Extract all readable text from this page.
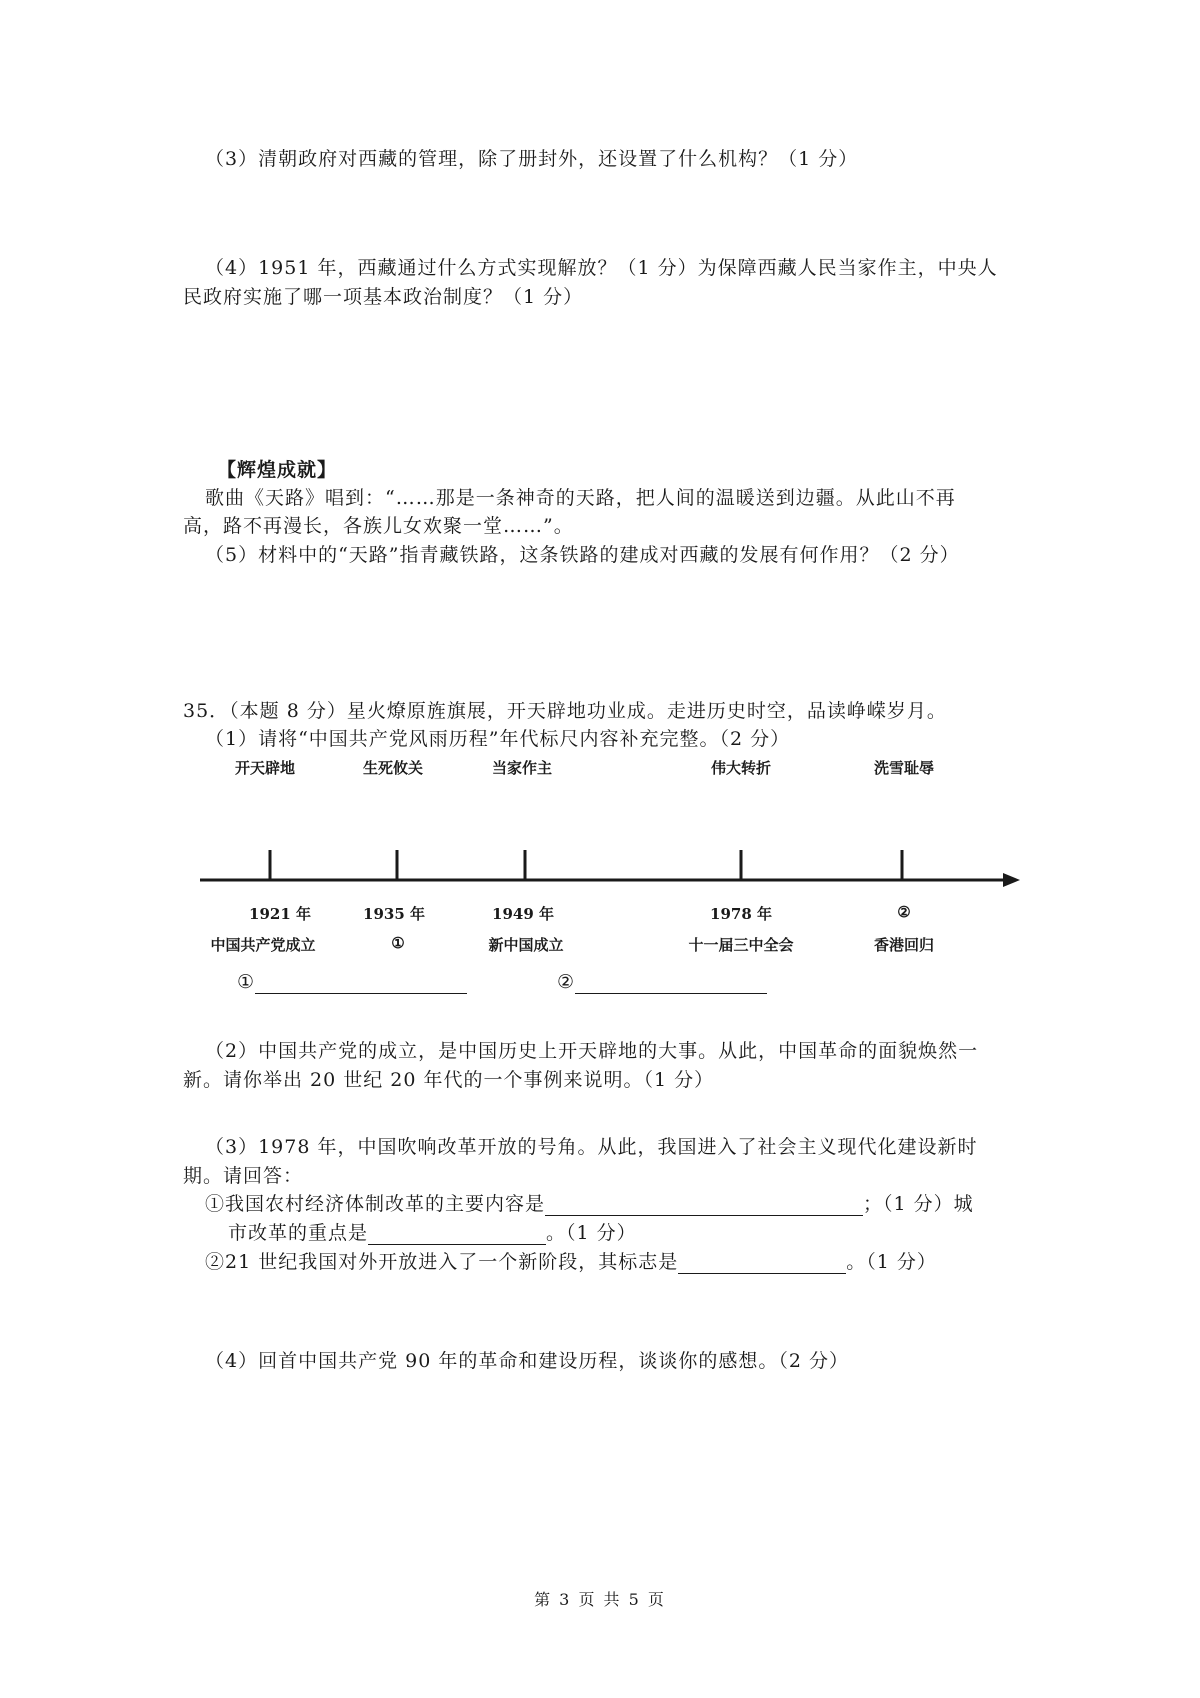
（3）清朝政府对西藏的管理，除了册封外，还设置了什么机构？（1 分）
（4）1951 年，西藏通过什么方式实现解放？（1 分）为保障西藏人民当家作主，中央人
民政府实施了哪一项基本政治制度？（1 分）
【辉煌成就】
歌曲《天路》唱到：“……那是一条神奇的天路，把人间的温暖送到边疆。从此山不再
高，路不再漫长，各族儿女欢聚一堂……”。
（5）材料中的“天路”指青藏铁路，这条铁路的建成对西藏的发展有何作用？（2 分）
35．（本题 8 分）星火燎原旌旗展，开天辟地功业成。走进历史时空，品读峥嵘岁月。
（1）请将“中国共产党风雨历程”年代标尺内容补充完整。（2 分）
开天辟地	生死攸关	当家作主	伟大转折	洗雪耻辱
1921 年	1935 年	1949 年	1978 年	②
中国共产党成立	①	新中国成立	十一届三中全会	香港回归
①	②
（2）中国共产党的成立，是中国历史上开天辟地的大事。从此，中国革命的面貌焕然一
新。请你举出 20 世纪 20 年代的一个事例来说明。（1 分）
（3）1978 年，中国吹响改革开放的号角。从此，我国进入了社会主义现代化建设新时
期。请回答：
①我国农村经济体制改革的主要内容是	；（1 分）城
市改革的重点是	。（1 分）
②21 世纪我国对外开放进入了一个新阶段，其标志是	。（1 分）
（4）回首中国共产党 90 年的革命和建设历程，谈谈你的感想。（2 分）
第 3 页 共 5 页
